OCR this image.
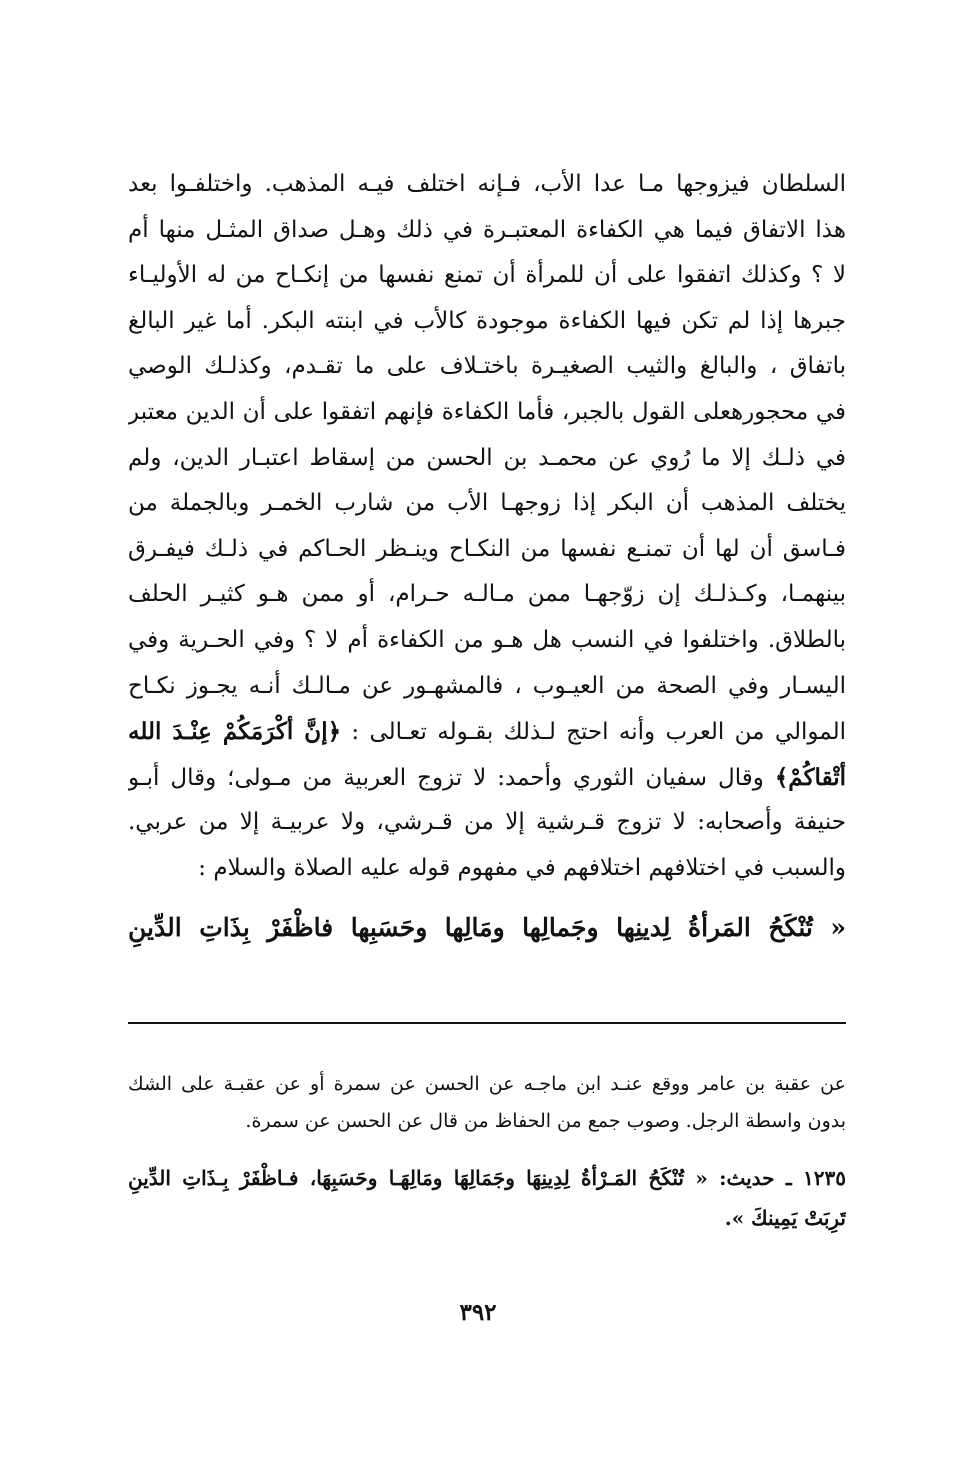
السلطان فيزوجها مـا عدا الأب، فـإنه اختلف فيـه المذهب. واختلفـوا بعد
هذا الاتفاق فيما هي الكفاءة المعتبـرة في ذلك وهـل صداق المثـل منها أم
لا ؟ وكذلك اتفقوا على أن للمرأة أن تمنع نفسها من إنكـاح من له الأوليـاء
جبرها إذا لم تكن فيها الكفاءة موجودة كالأب في ابنته البكر. أما غير البالغ
باتفاق ، والبالغ والثيب الصغيـرة باختـلاف على ما تقـدم، وكذلـك الوصي
في محجورهعلى القول بالجبر، فأما الكفاءة فإنهم اتفقوا على أن الدين معتبر
في ذلـك إلا ما رُوي عن محمـد بن الحسن من إسقاط اعتبـار الدين، ولم
يختلف المذهب أن البكر إذا زوجهـا الأب من شارب الخمـر وبالجملة من
فـاسق أن لها أن تمنـع نفسها من النكـاح وينـظر الحـاكم في ذلـك فيفـرق
بينهمـا، وكـذلـك إن زوّجهـا ممن مـالـه حـرام، أو ممن هـو كثيـر الحلف
بالطلاق. واختلفوا في النسب هل هـو من الكفاءة أم لا ؟ وفي الحـرية وفي
اليسـار وفي الصحة من العيـوب ، فالمشهـور عن مـالـك أنـه يجـوز نكـاح
الموالي من العرب وأنه احتج لـذلك بقـوله تعـالى : ﴿إنَّ أكْرَمَكُمْ عِنْـدَ الله
أتْقاكُمْ﴾ وقال سفيان الثوري وأحمد: لا تزوج العربية من مـولى؛ وقال أبـو
حنيفة وأصحابه: لا تزوج قـرشية إلا من قـرشي، ولا عربيـة إلا من عربي.
والسبب في اختلافهم اختلافهم في مفهوم قوله عليه الصلاة والسلام :
« تُنْكَحُ المَرأةُ لِدينِها وجَمالِها ومَالِها وحَسَبِها فاظْفَرْ بِذَاتِ الدِّينِ
عن عقبة بن عامر ووقع عنـد ابن ماجـه عن الحسن عن سمرة أو عن عقبـة على الشك
بدون واسطة الرجل. وصوب جمع من الحفاظ من قال عن الحسن عن سمرة.
١٢٣٥ ـ حديث: « تُنْكَحُ المَـرْأةُ لِدِينِهَا وجَمَالِهَا ومَالِهَـا وحَسَبِهَا، فـاظْفَرْ بِـذَاتِ الدِّينِ
تَرِبَتْ يَمِينكَ ».
٣٩٢
